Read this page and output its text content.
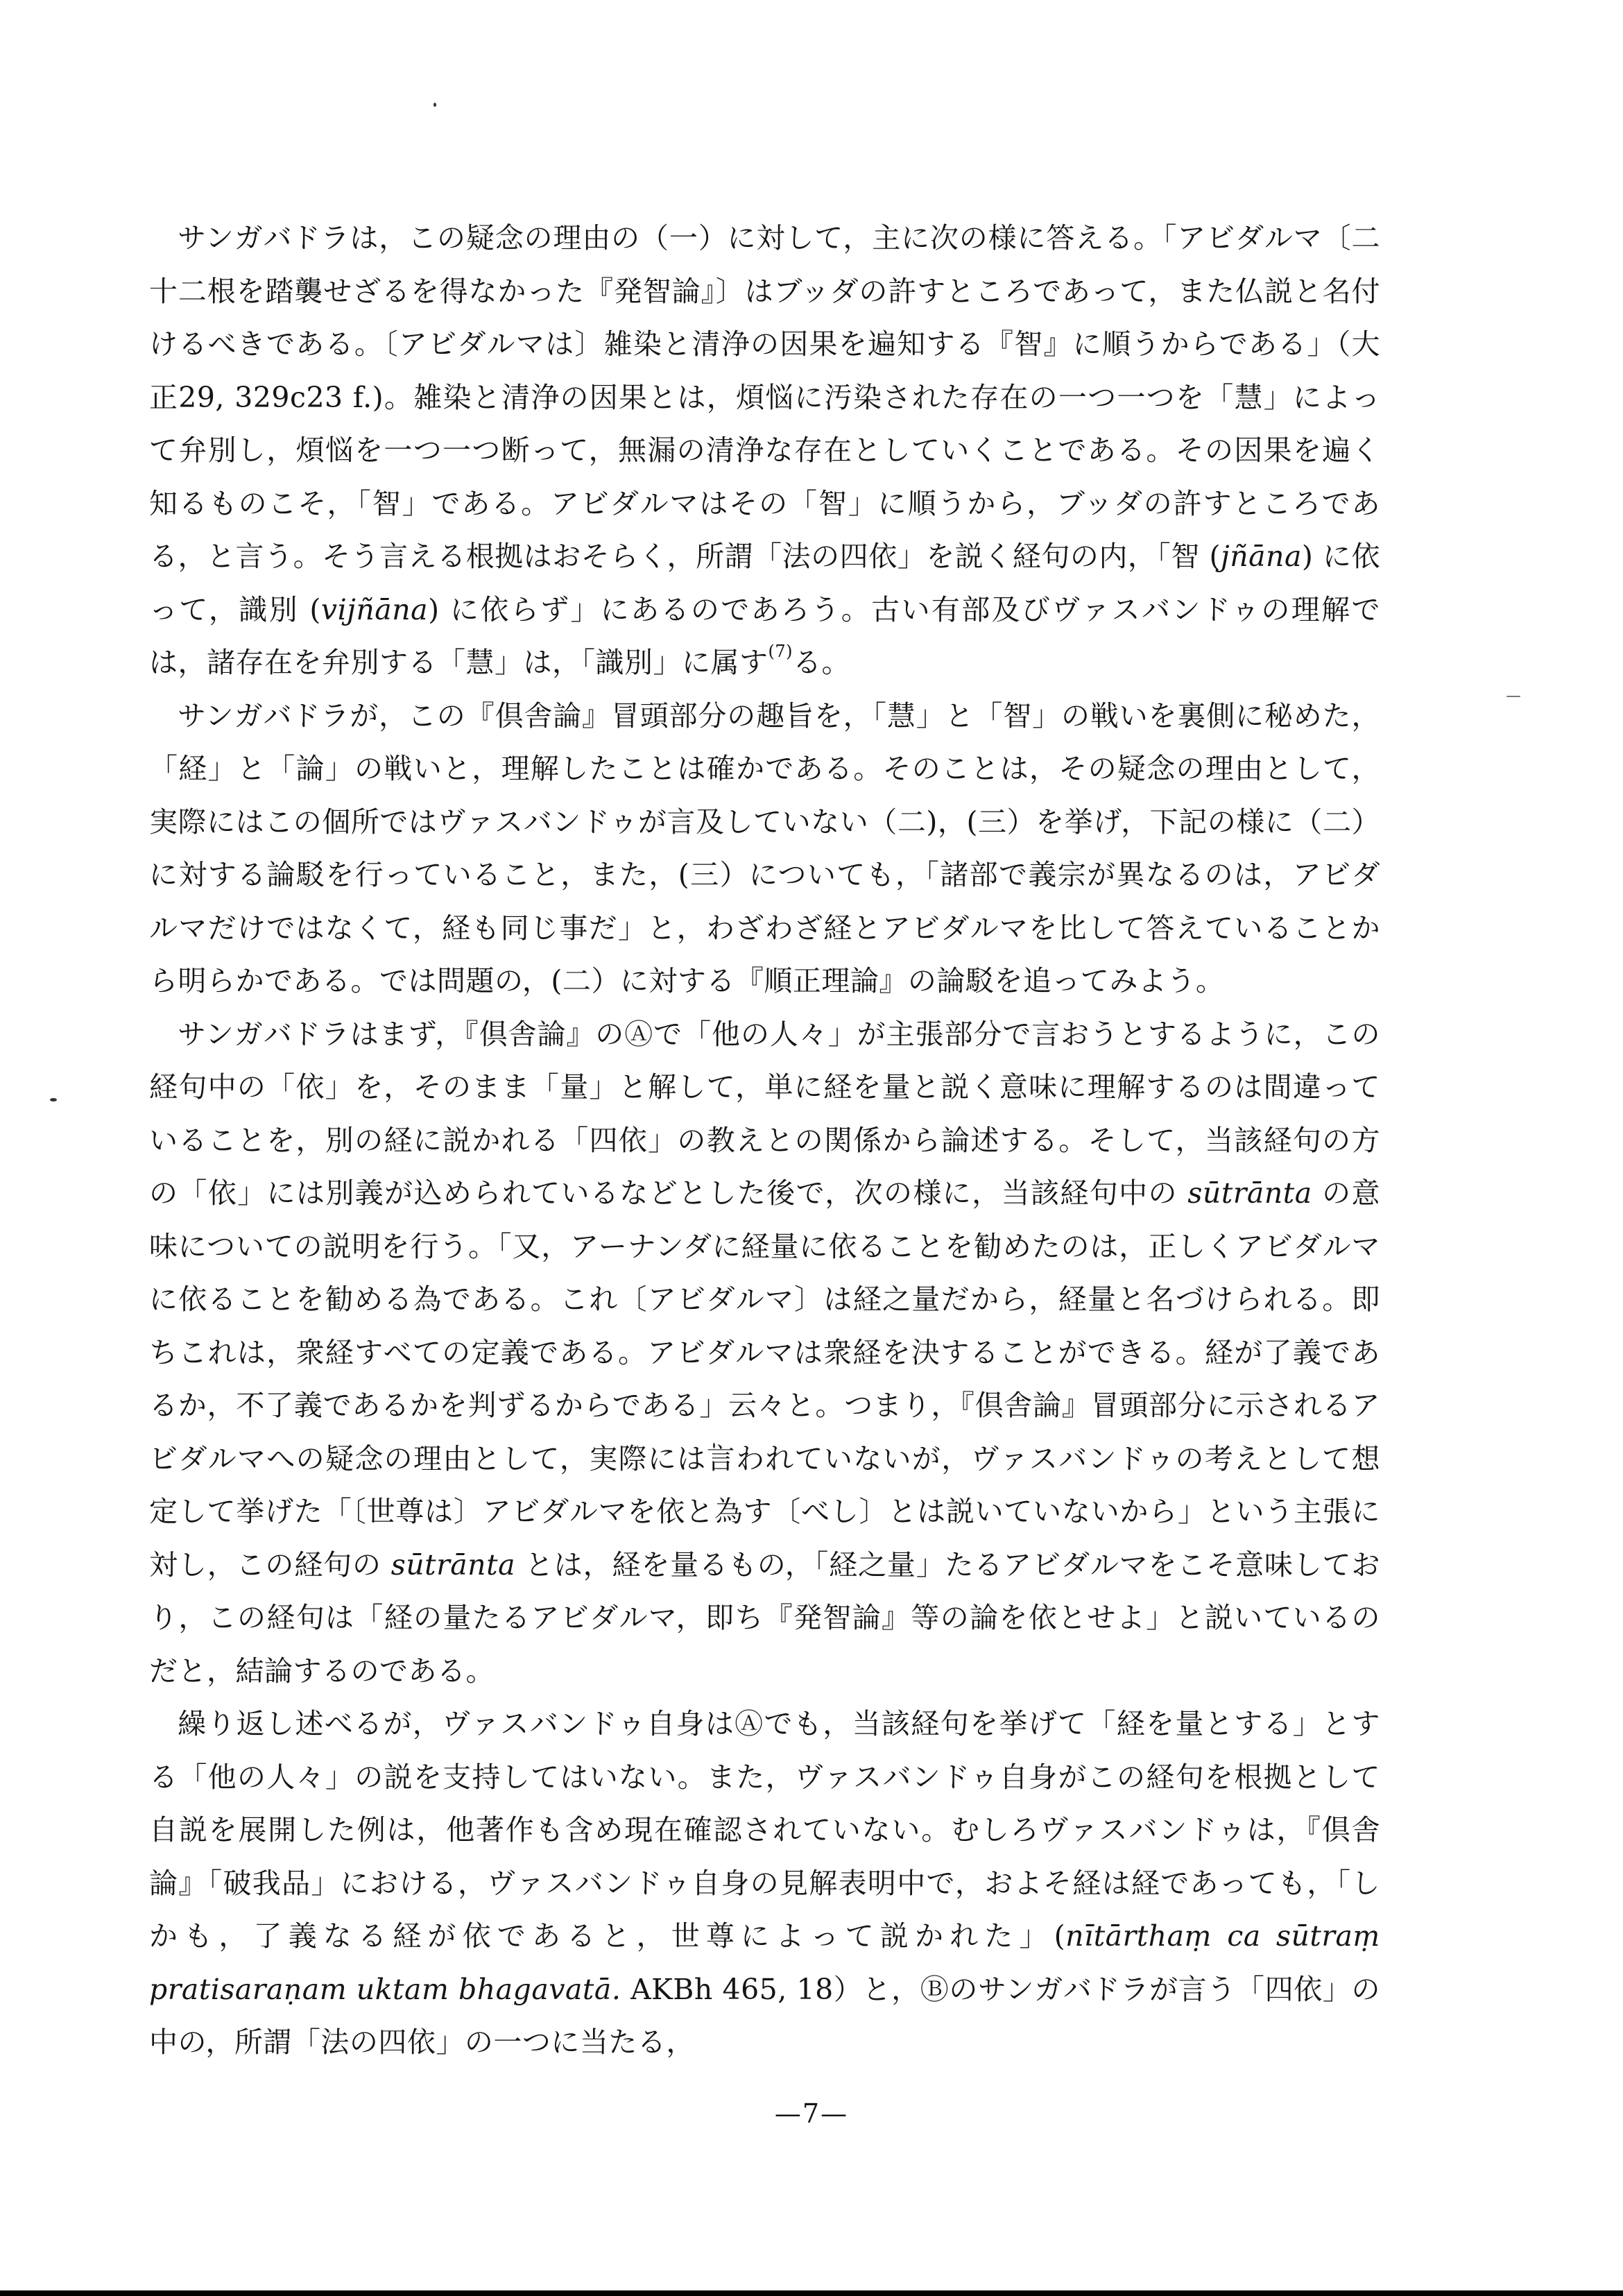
サンガバドラは，この疑念の理由の（一）に対して，主に次の様に答える。「アビダルマ〔二十二根を踏襲せざるを得なかった『発智論』〕はブッダの許すところであって，また仏説と名付けるべきである。〔アビダルマは〕雑染と清浄の因果を遍知する『智』に順うからである」（大正29, 329c23 f.)。雑染と清浄の因果とは，煩悩に汚染された存在の一つ一つを「慧」によって弁別し，煩悩を一つ一つ断って，無漏の清浄な存在としていくことである。その因果を遍く知るものこそ，「智」である。アビダルマはその「智」に順うから，ブッダの許すところである，と言う。そう言える根拠はおそらく，所謂「法の四依」を説く経句の内，「智 (jñāna) に依って，識別 (vijñāna) に依らず」にあるのであろう。古い有部及びヴァスバンドゥの理解では，諸存在を弁別する「慧」は，「識別」に属す$^{(7)}$る。

サンガバドラが，この『倶舎論』冒頭部分の趣旨を，「慧」と「智」の戦いを裏側に秘めた，「経」と「論」の戦いと，理解したことは確かである。そのことは，その疑念の理由として，実際にはこの個所ではヴァスバンドゥが言及していない（二)，(三）を挙げ，下記の様に（二）に対する論駁を行っていること，また，(三）についても，「諸部で義宗が異なるのは，アビダルマだけではなくて，経も同じ事だ」と，わざわざ経とアビダルマを比して答えていることから明らかである。では問題の，(二）に対する『順正理論』の論駁を追ってみよう。

サンガバドラはまず，『倶舎論』のⒶで「他の人々」が主張部分で言おうとするように，この経句中の「依」を，そのまま「量」と解して，単に経を量と説く意味に理解するのは間違っていることを，別の経に説かれる「四依」の教えとの関係から論述する。そして，当該経句の方の「依」には別義が込められているなどとした後で，次の様に，当該経句中の sūtrānta の意味についての説明を行う。「又，アーナンダに経量に依ることを勧めたのは，正しくアビダルマに依ることを勧める為である。これ〔アビダルマ〕は経之量だから，経量と名づけられる。即ちこれは，衆経すべての定義である。アビダルマは衆経を決することができる。経が了義であるか，不了義であるかを判ずるからである」云々と。つまり，『倶舎論』冒頭部分に示されるアビダルマへの疑念の理由として，実際には言われていないが，ヴァスバンドゥの考えとして想定して挙げた「〔世尊は〕アビダルマを依と為す〔べし〕とは説いていないから」という主張に対し，この経句の sūtrānta とは，経を量るもの，「経之量」たるアビダルマをこそ意味しており，この経句は「経の量たるアビダルマ，即ち『発智論』等の論を依とせよ」と説いているのだと，結論するのである。

繰り返し述べるが，ヴァスバンドゥ自身はⒶでも，当該経句を挙げて「経を量とする」とする「他の人々」の説を支持してはいない。また，ヴァスバンドゥ自身がこの経句を根拠として自説を展開した例は，他著作も含め現在確認されていない。むしろヴァスバンドゥは，『倶舎論』「破我品」における，ヴァスバンドゥ自身の見解表明中で，およそ経は経であっても，「しかも，了義なる経が依であると，世尊によって説かれた」(nītārthaṃ ca sūtraṃ pratisaraṇam uktam bhagavatā. AKBh 465, 18）と，Ⓑのサンガバドラが言う「四依」の中の，所謂「法の四依」の一つに当たる，

—7—
